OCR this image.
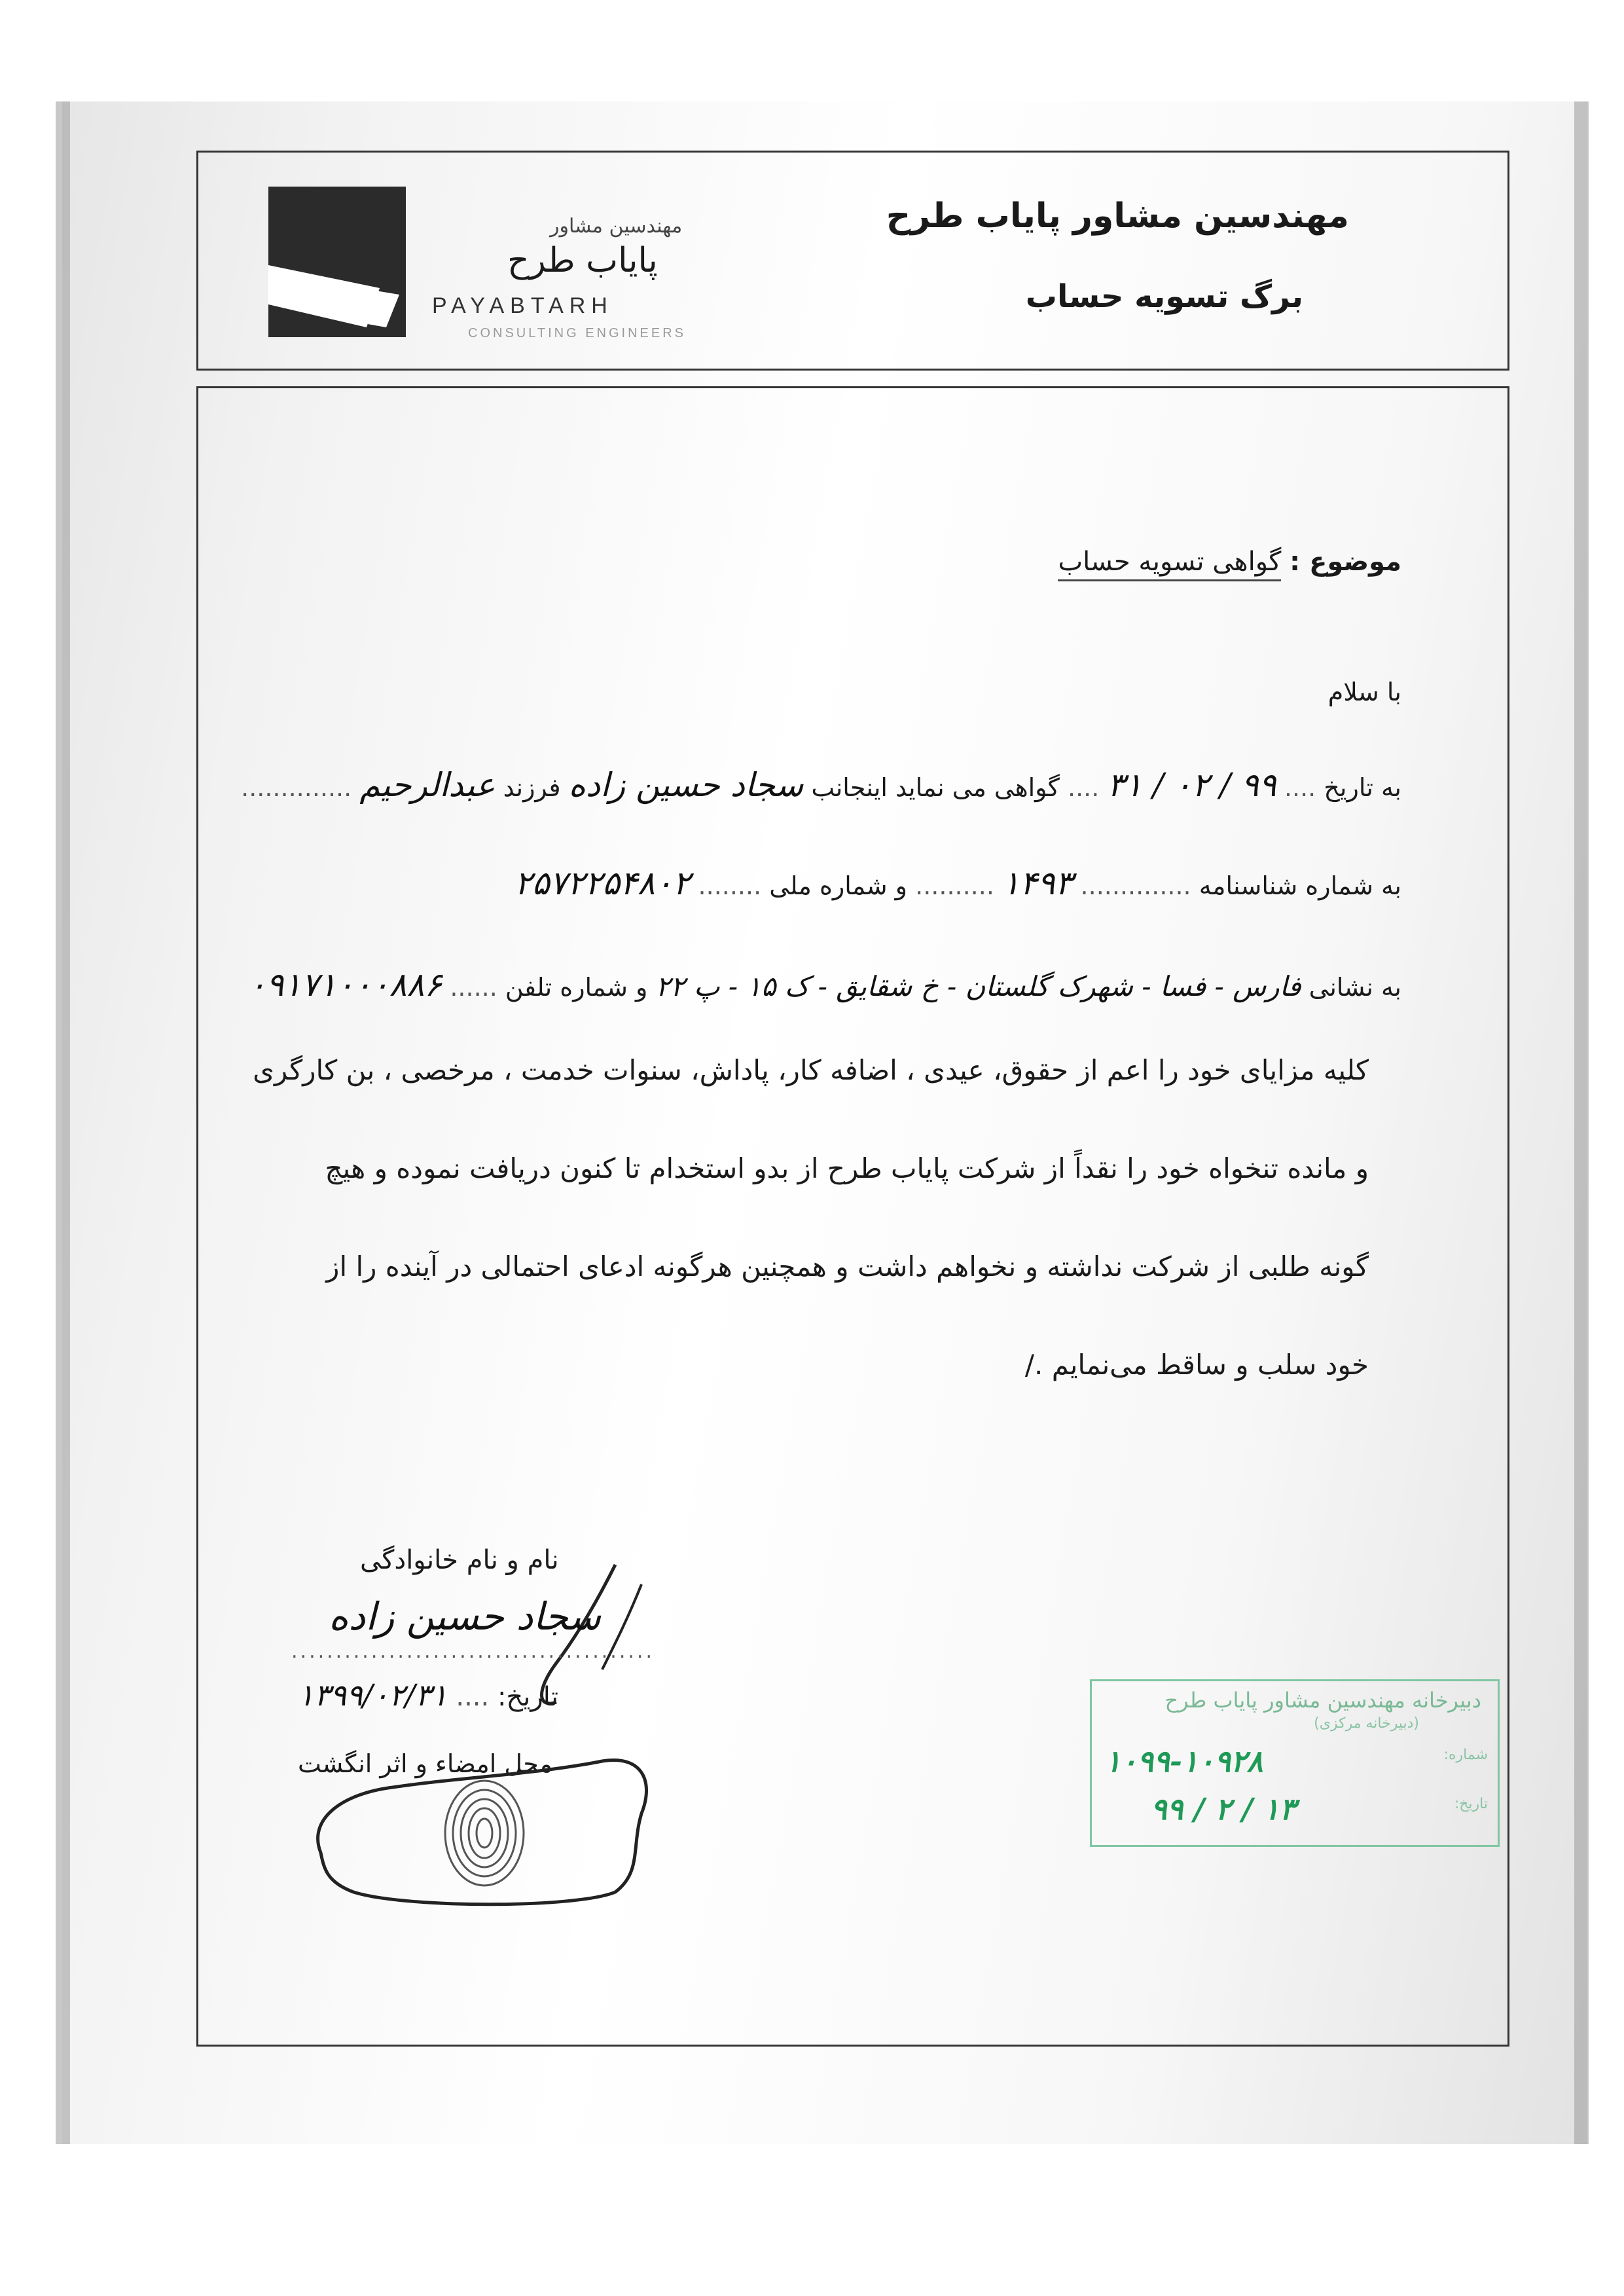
مهندسین مشاور
پایاب طرح
PAYABTARH
CONSULTING ENGINEERS
مهندسین مشاور پایاب طرح
برگ تسویه حساب
موضوع : گواهی تسویه حساب
با سلام
به تاریخ .... ۹۹ / ۰۲ / ۳۱ .... گواهی می نماید اینجانب سجاد حسین زاده فرزند عبدالرحیم ..............
به شماره شناسنامه .............. ۱۴۹۳ .......... و شماره ملی ........ ۲۵۷۲۲۵۴۸۰۲
به نشانی فارس - فسا - شهرک گلستان - خ شقایق - ک ۱۵ - پ ۲۲ و شماره تلفن ...... ۰۹۱۷۱۰۰۰۸۸۶
کلیه مزایای خود را اعم از حقوق، عیدی ، اضافه کار، پاداش، سنوات خدمت ، مرخصی ، بن کارگری
و مانده تنخواه خود را نقداً از شرکت پایاب طرح از بدو استخدام تا کنون دریافت نموده و هیچ
گونه طلبی از شرکت نداشته و نخواهم داشت و همچنین هرگونه ادعای احتمالی در آینده را از
خود سلب و ساقط می‌نمایم ./
نام و نام خانوادگی
سجاد حسین زاده
.........................................
تاریخ: .... ۱۳۹۹/۰۲/۳۱
محل امضاء و اثر انگشت
دبیرخانه مهندسین مشاور پایاب طرح
(دبیرخانه مرکزی)
شماره:
تاریخ:
۱۰۹۹-۱۰۹۲۸
۹۹ / ۲ / ۱۳
